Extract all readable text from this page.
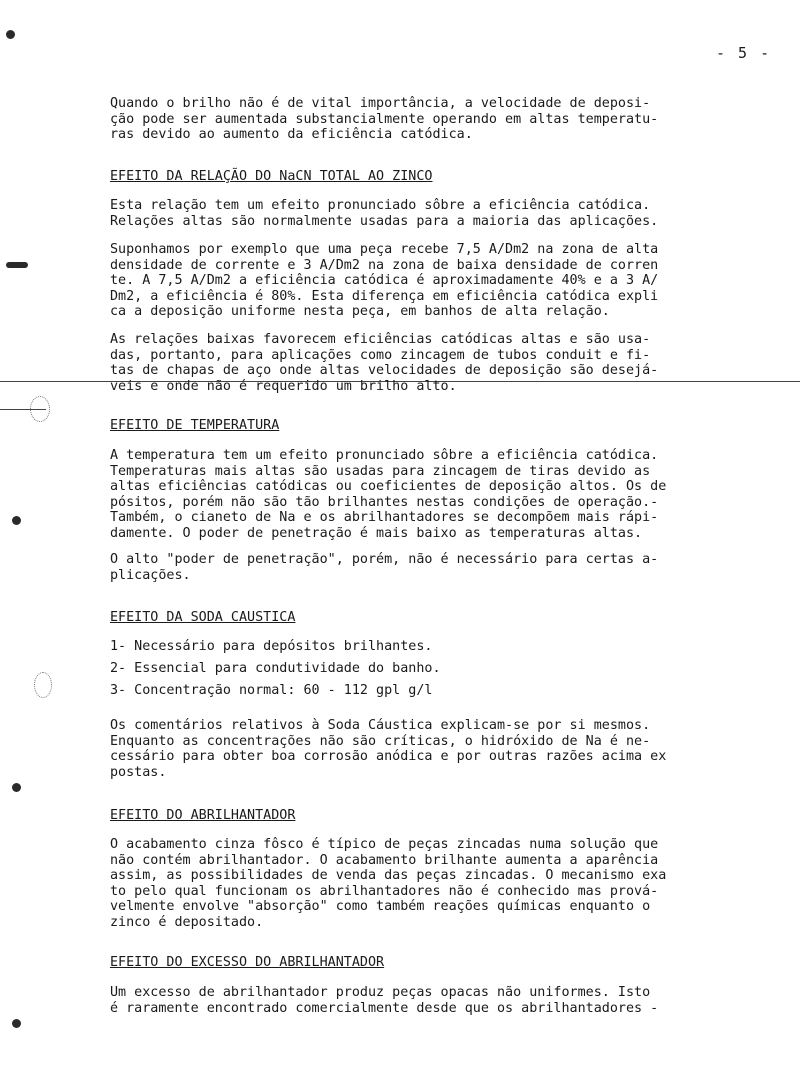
- 5 -
Quando o brilho não é de vital importância, a velocidade de deposi-
ção pode ser aumentada substancialmente operando em altas temperatu-
ras devido ao aumento da eficiência catódica.
EFEITO DA RELAÇÃO DO NaCN TOTAL AO ZINCO
Esta relação tem um efeito pronunciado sôbre a eficiência catódica.
Relações altas são normalmente usadas para a maioria das aplicações.
Suponhamos por exemplo que uma peça recebe 7,5 A/Dm2 na zona de alta
densidade de corrente e 3 A/Dm2 na zona de baixa densidade de corren
te. A 7,5 A/Dm2 a eficiência catódica é aproximadamente 40% e a 3 A/
Dm2, a eficiência é 80%. Esta diferença em eficiência catódica expli
ca a deposição uniforme nesta peça, em banhos de alta relação.
As relações baixas favorecem eficiências catódicas altas e são usa-
das, portanto, para aplicações como zincagem de tubos conduit e fi-
tas de chapas de aço onde altas velocidades de deposição são desejá-
veis e onde não é requerido um brilho alto.
EFEITO DE TEMPERATURA
A temperatura tem um efeito pronunciado sôbre a eficiência catódica.
Temperaturas mais altas são usadas para zincagem de tiras devido as
altas eficiências catódicas ou coeficientes de deposição altos. Os de
pósitos, porém não são tão brilhantes nestas condições de operação.-
Também, o cianeto de Na e os abrilhantadores se decompõem mais rápi-
damente. O poder de penetração é mais baixo as temperaturas altas.
O alto "poder de penetração", porém, não é necessário para certas a-
plicações.
EFEITO DA SODA CAUSTICA
1- Necessário para depósitos brilhantes.
2- Essencial para condutividade do banho.
3- Concentração normal: 60 - 112 gpl g/l
Os comentários relativos à Soda Cáustica explicam-se por si mesmos.
Enquanto as concentrações não são críticas, o hidróxido de Na é ne-
cessário para obter boa corrosão anódica e por outras razões acima ex
postas.
EFEITO DO ABRILHANTADOR
O acabamento cinza fôsco é típico de peças zincadas numa solução que
não contém abrilhantador. O acabamento brilhante aumenta a aparência
assim, as possibilidades de venda das peças zincadas. O mecanismo exa
to pelo qual funcionam os abrilhantadores não é conhecido mas prová-
velmente envolve "absorção" como também reações químicas enquanto o
zinco é depositado.
EFEITO DO EXCESSO DO ABRILHANTADOR
Um excesso de abrilhantador produz peças opacas não uniformes. Isto
é raramente encontrado comercialmente desde que os abrilhantadores -
